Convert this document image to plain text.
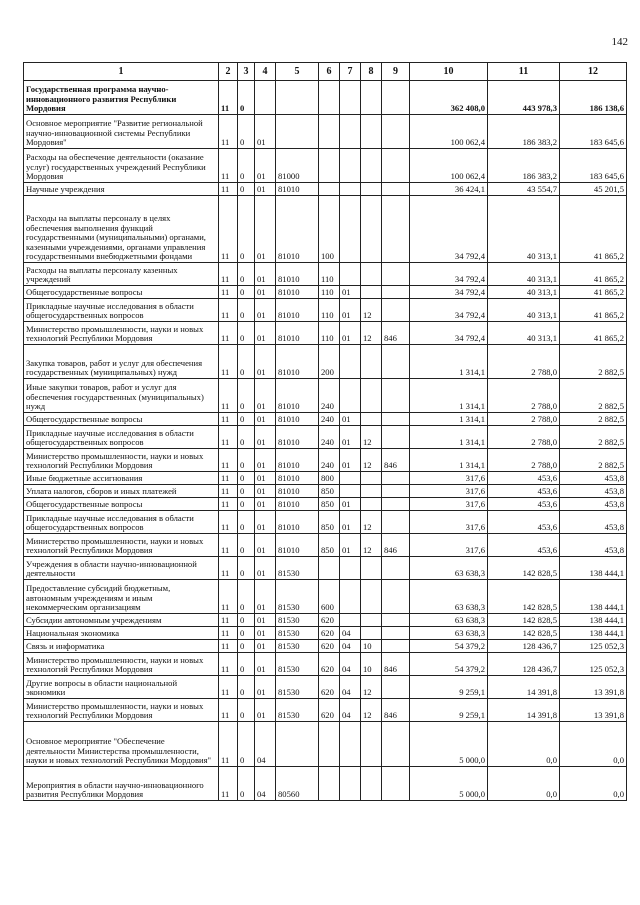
142
1	2	3	4	5	6	7	8	9	10	11	12
Государственная программа научно-инновационного развития Республики Мордовия	11	0							362 408,0	443 978,3	186 138,6
Основное мероприятие "Развитие региональной научно-инновационной системы Республики Мордовия"	11	0	01						100 062,4	186 383,2	183 645,6
Расходы на обеспечение деятельности (оказание услуг) государственных учреждений Республики Мордовия	11	0	01	81000					100 062,4	186 383,2	183 645,6
Научные учреждения	11	0	01	81010					36 424,1	43 554,7	45 201,5
Расходы на выплаты персоналу в целях обеспечения выполнения функций государственными (муниципальными) органами, казенными учреждениями, органами управления государственными внебюджетными фондами	11	0	01	81010	100				34 792,4	40 313,1	41 865,2
Расходы на выплаты персоналу казенных учреждений	11	0	01	81010	110				34 792,4	40 313,1	41 865,2
Общегосударственные вопросы	11	0	01	81010	110	01			34 792,4	40 313,1	41 865,2
Прикладные научные исследования в области общегосударственных вопросов	11	0	01	81010	110	01	12		34 792,4	40 313,1	41 865,2
Министерство промышленности, науки и новых технологий Республики Мордовия	11	0	01	81010	110	01	12	846	34 792,4	40 313,1	41 865,2
Закупка товаров, работ и услуг для обеспечения государственных (муниципальных) нужд	11	0	01	81010	200				1 314,1	2 788,0	2 882,5
Иные закупки товаров, работ и услуг для обеспечения государственных (муниципальных) нужд	11	0	01	81010	240				1 314,1	2 788,0	2 882,5
Общегосударственные вопросы	11	0	01	81010	240	01			1 314,1	2 788,0	2 882,5
Прикладные научные исследования в области общегосударственных вопросов	11	0	01	81010	240	01	12		1 314,1	2 788,0	2 882,5
Министерство промышленности, науки и новых технологий Республики Мордовия	11	0	01	81010	240	01	12	846	1 314,1	2 788,0	2 882,5
Иные бюджетные ассигнования	11	0	01	81010	800				317,6	453,6	453,8
Уплата налогов, сборов и иных платежей	11	0	01	81010	850				317,6	453,6	453,8
Общегосударственные вопросы	11	0	01	81010	850	01			317,6	453,6	453,8
Прикладные научные исследования в области общегосударственных вопросов	11	0	01	81010	850	01	12		317,6	453,6	453,8
Министерство промышленности, науки и новых технологий Республики Мордовия	11	0	01	81010	850	01	12	846	317,6	453,6	453,8
Учреждения в области научно-инновационной деятельности	11	0	01	81530					63 638,3	142 828,5	138 444,1
Предоставление субсидий бюджетным, автономным учреждениям и иным некоммерческим организациям	11	0	01	81530	600				63 638,3	142 828,5	138 444,1
Субсидии автономным учреждениям	11	0	01	81530	620				63 638,3	142 828,5	138 444,1
Национальная экономика	11	0	01	81530	620	04			63 638,3	142 828,5	138 444,1
Связь и информатика	11	0	01	81530	620	04	10		54 379,2	128 436,7	125 052,3
Министерство промышленности, науки и новых технологий Республики Мордовия	11	0	01	81530	620	04	10	846	54 379,2	128 436,7	125 052,3
Другие вопросы в области национальной экономики	11	0	01	81530	620	04	12		9 259,1	14 391,8	13 391,8
Министерство промышленности, науки и новых технологий Республики Мордовия	11	0	01	81530	620	04	12	846	9 259,1	14 391,8	13 391,8
Основное мероприятие "Обеспечение деятельности Министерства промышленности, науки и новых технологий Республики Мордовия"	11	0	04						5 000,0	0,0	0,0
Мероприятия в области научно-инновационного развития Республики Мордовия	11	0	04	80560					5 000,0	0,0	0,0
